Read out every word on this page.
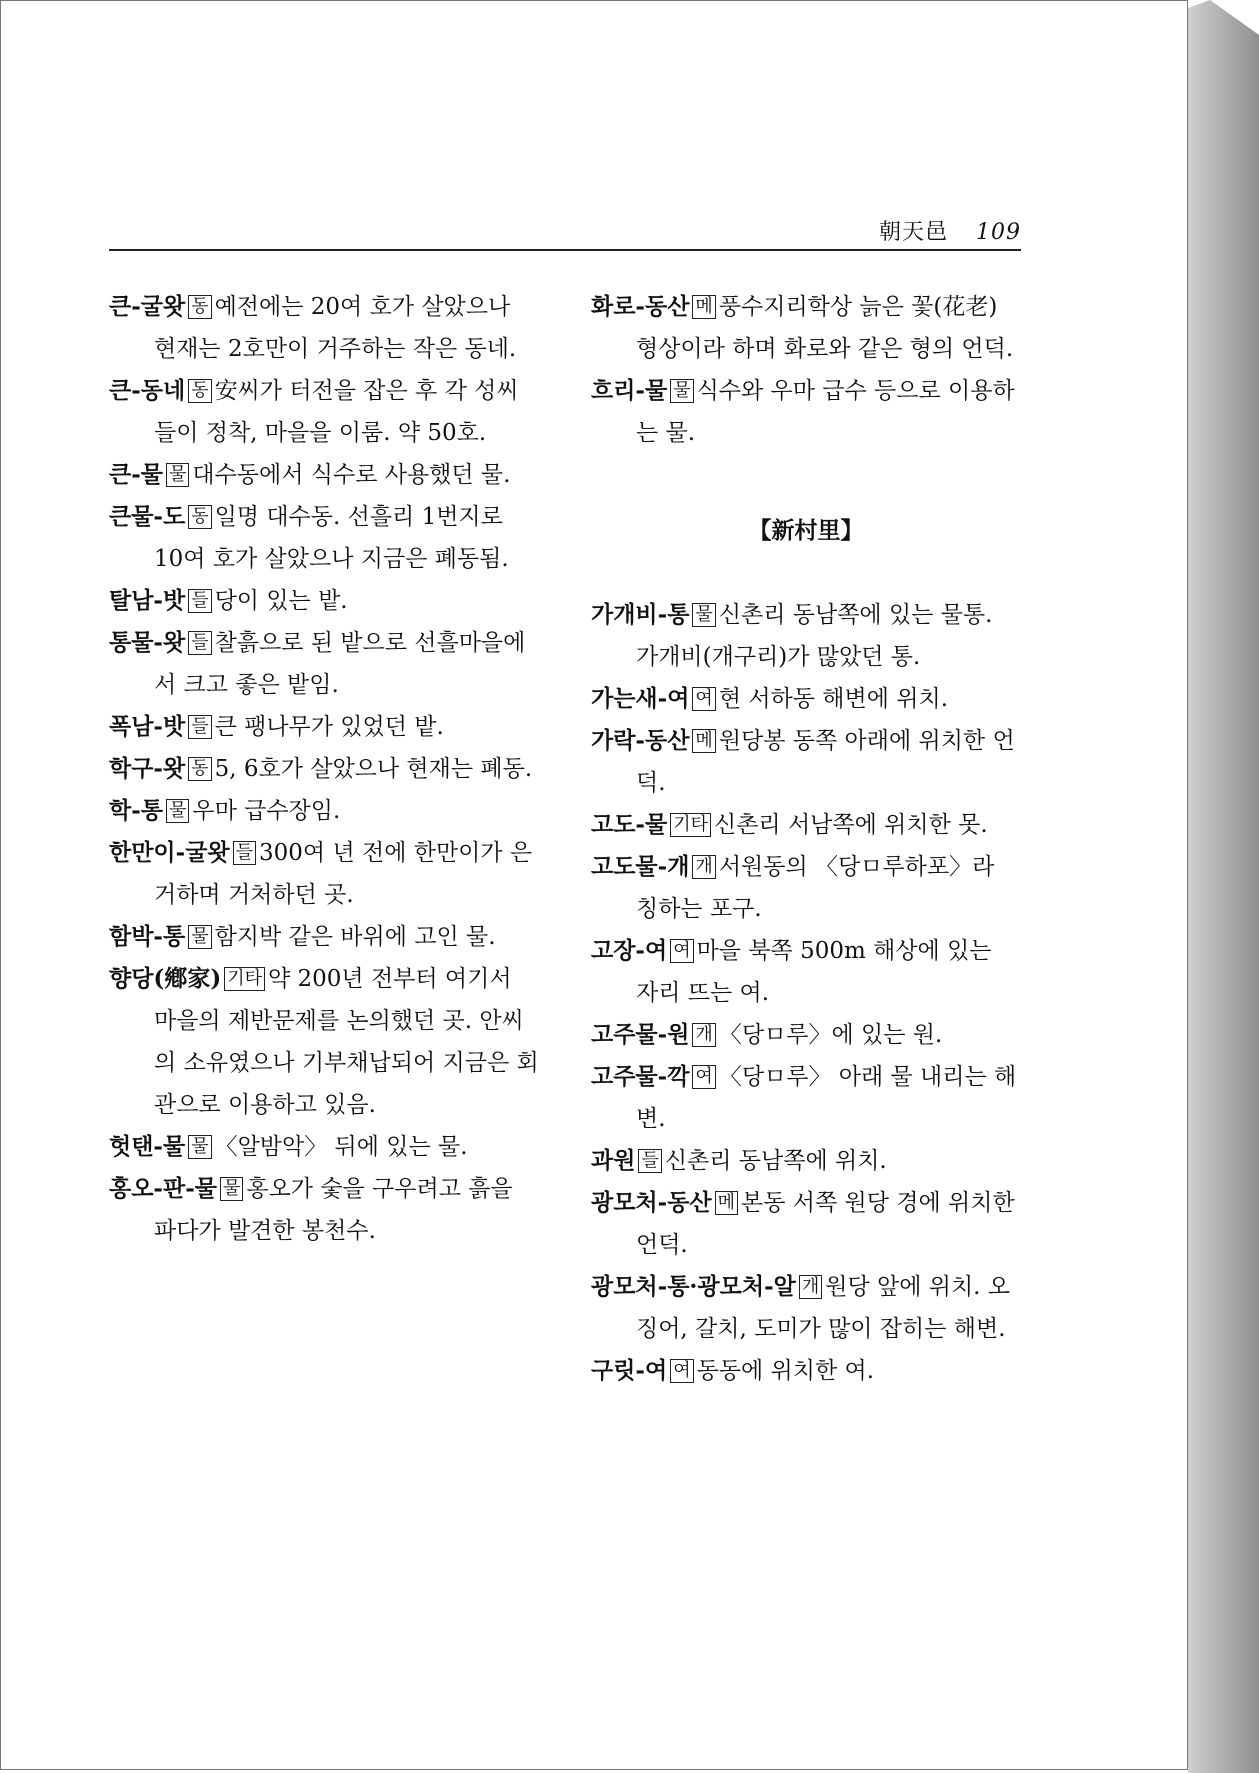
朝天邑 109

큰-굴왓 동 예전에는 20여 호가 살았으나 현재는 2호만이 거주하는 작은 동네.

큰-동네 동 安씨가 터전을 잡은 후 각 성씨들이 정착, 마을을 이룸. 약 50호.

큰-물 물 대수동에서 식수로 사용했던 물.

큰물-도 동 일명 대수동. 선흘리 1번지로 10여 호가 살았으나 지금은 폐동됨.

탈남-밧 들 당이 있는 밭.

통물-왓 들 찰흙으로 된 밭으로 선흘마을에서 크고 좋은 밭임.

폭남-밧 들 큰 팽나무가 있었던 밭.

학구-왓 동 5, 6호가 살았으나 현재는 폐동.

학-통 물 우마 급수장임.

한만이-굴왓 들 300여 년 전에 한만이가 은거하며 거처하던 곳.

함박-통 물 함지박 같은 바위에 고인 물.

향당(鄕家) 기타 약 200년 전부터 여기서 마을의 제반문제를 논의했던 곳. 안씨의 소유였으나 기부채납되어 지금은 회관으로 이용하고 있음.

헛탠-물 물 〈알밤악〉 뒤에 있는 물.

홍오-판-물 물 홍오가 숯을 구우려고 흙을 파다가 발견한 봉천수.

화로-동산 메 풍수지리학상 늙은 꽃(花老) 형상이라 하며 화로와 같은 형의 언덕.

흐리-물 물 식수와 우마 급수 등으로 이용하는 물.

【新村里】

가개비-통 물 신촌리 동남쪽에 있는 물통. 가개비(개구리)가 많았던 통.

가는새-여 여 현 서하동 해변에 위치.

가락-동산 메 원당봉 동쪽 아래에 위치한 언덕.

고도-물 기타 신촌리 서남쪽에 위치한 못.

고도물-개 개 서원동의 〈당ㅁ루하포〉라 칭하는 포구.

고장-여 여 마을 북쪽 500m 해상에 있는 자리 뜨는 여.

고주물-원 개 〈당ㅁ루〉에 있는 원.

고주물-깍 여 〈당ㅁ루〉 아래 물 내리는 해변.

과원 들 신촌리 동남쪽에 위치.

광모처-동산 메 본동 서쪽 원당 경에 위치한 언덕.

광모처-통·광모처-알 개 원당 앞에 위치. 오징어, 갈치, 도미가 많이 잡히는 해변.

구릿-여 여 동동에 위치한 여.
